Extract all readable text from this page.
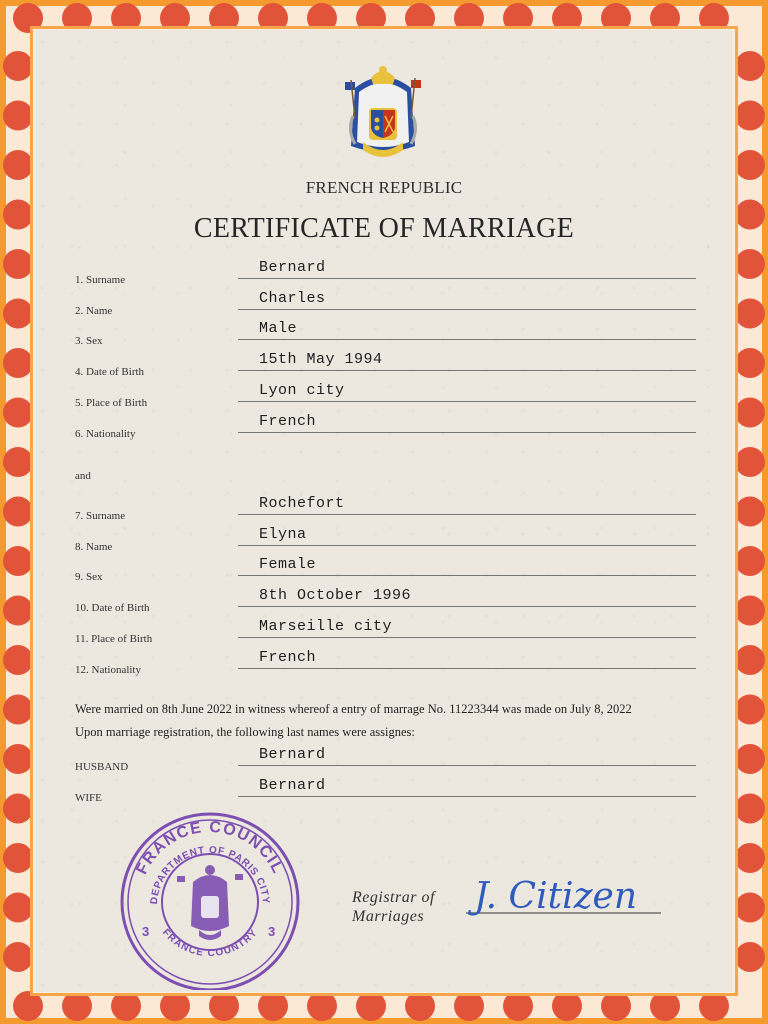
FRENCH REPUBLIC
CERTIFICATE OF MARRIAGE
1. Surname
Bernard
2. Name
Charles
3. Sex
Male
4. Date of Birth
15th May 1994
5. Place of Birth
Lyon city
6. Nationality
French
and
7. Surname
Rochefort
8. Name
Elyna
9. Sex
Female
10. Date of Birth
8th October 1996
11. Place of Birth
Marseille city
12. Nationality
French
Were married on 8th June 2022 in witness whereof a entry of marrage No. 11223344 was made on July 8, 2022
Upon marriage registration, the following last names were assignes:
HUSBAND
Bernard
WIFE
Bernard
FRANCE COUNCIL
DEPARTMENT OF PARIS CITY
FRANCE COUNTRY
3	3
Registrar of
Marriages	J. Citizen
